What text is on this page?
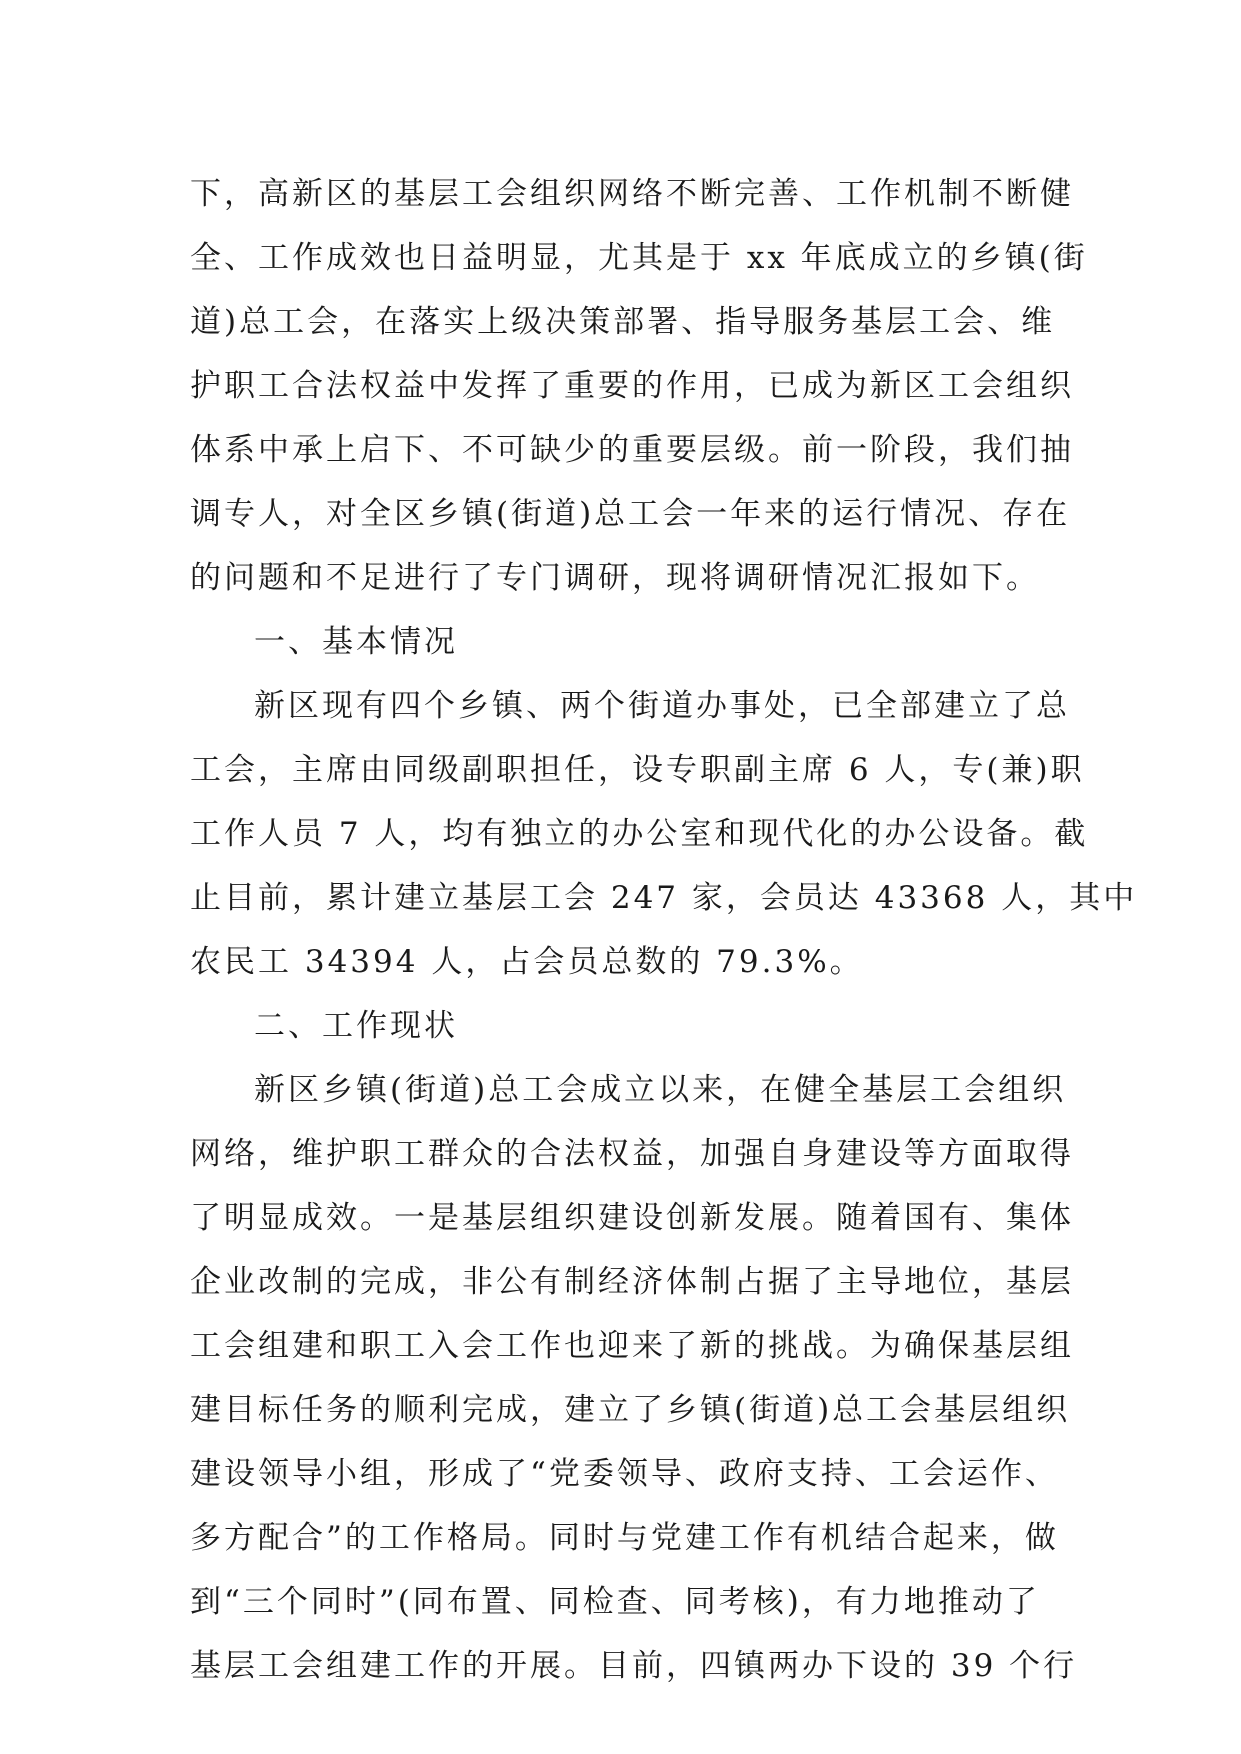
下，高新区的基层工会组织网络不断完善、工作机制不断健
全、工作成效也日益明显，尤其是于 xx 年底成立的乡镇(街
道)总工会，在落实上级决策部署、指导服务基层工会、维
护职工合法权益中发挥了重要的作用，已成为新区工会组织
体系中承上启下、不可缺少的重要层级。前一阶段，我们抽
调专人，对全区乡镇(街道)总工会一年来的运行情况、存在
的问题和不足进行了专门调研，现将调研情况汇报如下。
一、基本情况
新区现有四个乡镇、两个街道办事处，已全部建立了总
工会，主席由同级副职担任，设专职副主席 6 人，专(兼)职
工作人员 7 人，均有独立的办公室和现代化的办公设备。截
止目前，累计建立基层工会 247 家，会员达 43368 人，其中
农民工 34394 人，占会员总数的 79.3%。
二、工作现状
新区乡镇(街道)总工会成立以来，在健全基层工会组织
网络，维护职工群众的合法权益，加强自身建设等方面取得
了明显成效。一是基层组织建设创新发展。随着国有、集体
企业改制的完成，非公有制经济体制占据了主导地位，基层
工会组建和职工入会工作也迎来了新的挑战。为确保基层组
建目标任务的顺利完成，建立了乡镇(街道)总工会基层组织
建设领导小组，形成了“党委领导、政府支持、工会运作、
多方配合”的工作格局。同时与党建工作有机结合起来，做
到“三个同时”(同布置、同检查、同考核)，有力地推动了
基层工会组建工作的开展。目前，四镇两办下设的 39 个行
